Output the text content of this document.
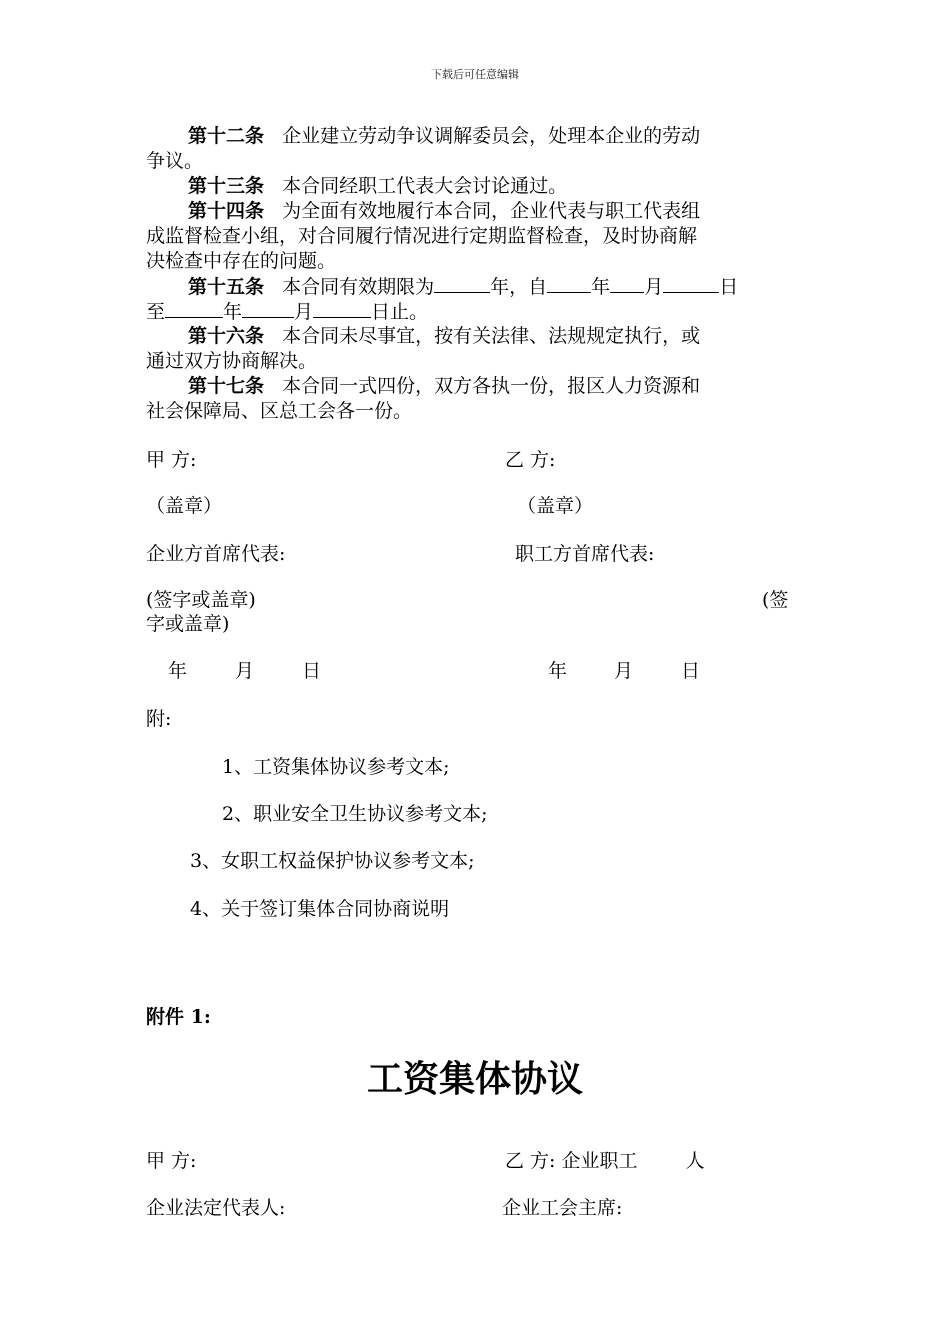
下载后可任意编辑
第十二条 企业建立劳动争议调解委员会，处理本企业的劳动
争议。
第十三条 本合同经职工代表大会讨论通过。
第十四条 为全面有效地履行本合同，企业代表与职工代表组
成监督检查小组，对合同履行情况进行定期监督检查，及时协商解
决检查中存在的问题。
第十五条 本合同有效期限为	年，自 年 月	日
至	年	月	日止。
第十六条 本合同未尽事宜，按有关法律、法规规定执行，或
通过双方协商解决。
第十七条 本合同一式四份，双方各执一份，报区人力资源和
社会保障局、区总工会各一份。
甲 方:	乙 方:
（盖章）	（盖章）
企业方首席代表:	职工方首席代表:
(签字或盖章)	(签
字或盖章)
年	月	日	年 月	日
附:
1、工资集体协议参考文本;
2、职业安全卫生协议参考文本;
3、女职工权益保护协议参考文本;
4、关于签订集体合同协商说明
附件 1:
工资集体协议
甲 方:	乙 方: 企业职工	人
企业法定代表人:	企业工会主席:
